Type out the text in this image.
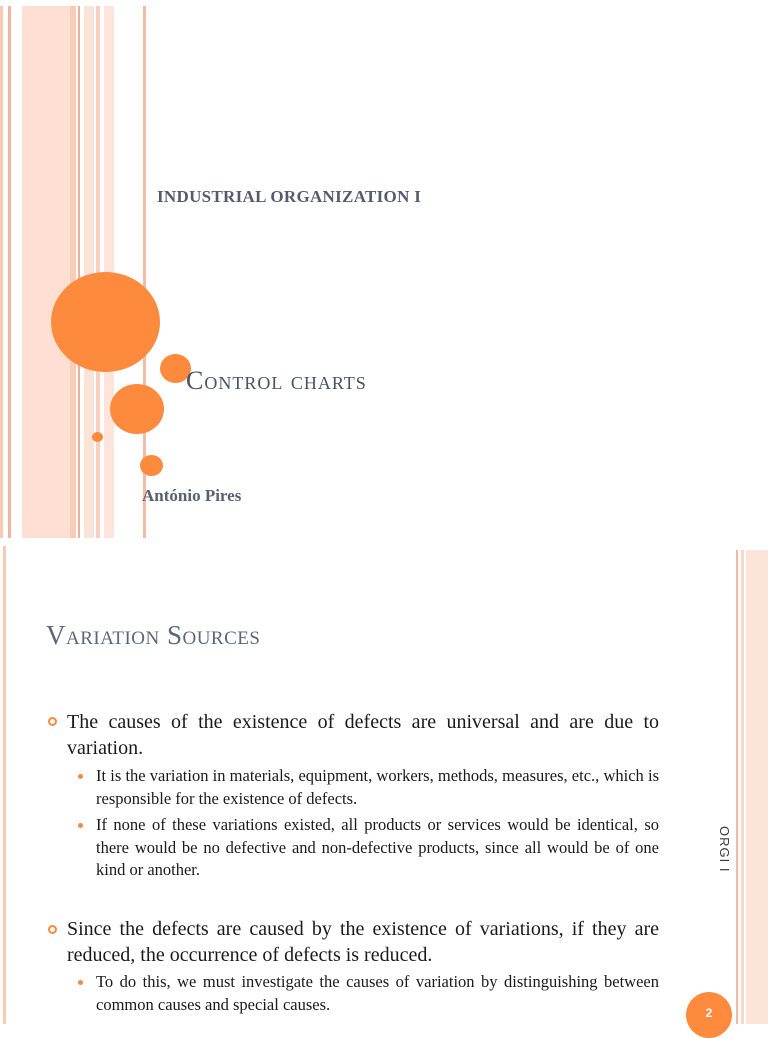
INDUSTRIAL ORGANIZATION I
Control charts
António Pires
Variation Sources
The causes of the existence of defects are universal and are due to variation.
It is the variation in materials, equipment, workers, methods, measures, etc., which is responsible for the existence of defects.
If none of these variations existed, all products or services would be identical, so there would be no defective and non-defective products, since all would be of one kind or another.
Since the defects are caused by the existence of variations, if they are reduced, the occurrence of defects is reduced.
To do this, we must investigate the causes of variation by distinguishing between common causes and special causes.
ORGI I
2
